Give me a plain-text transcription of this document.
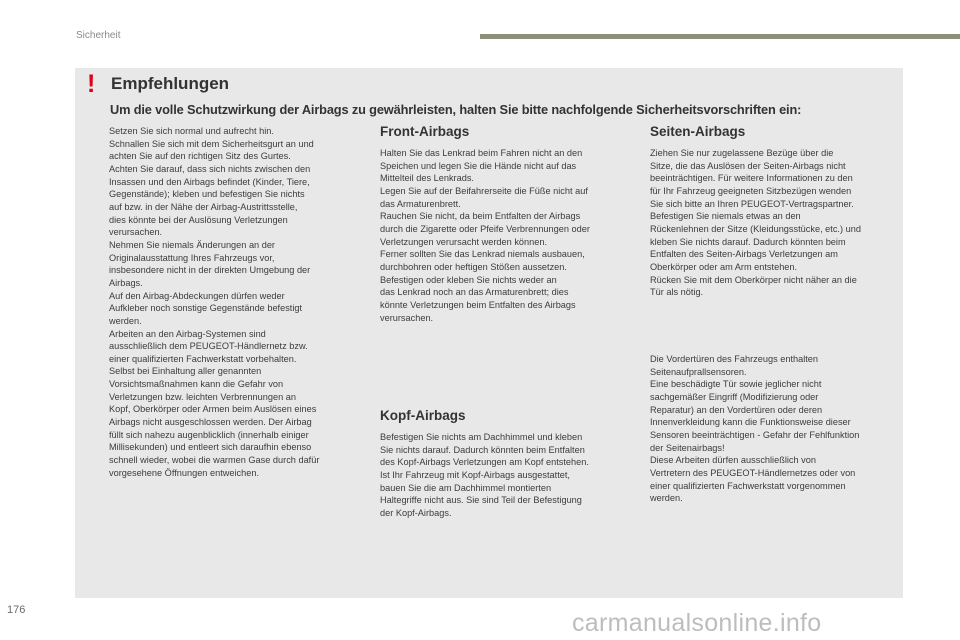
Sicherheit
! Empfehlungen
Um die volle Schutzwirkung der Airbags zu gewährleisten, halten Sie bitte nachfolgende Sicherheitsvorschriften ein:

Setzen Sie sich normal und aufrecht hin.

Schnallen Sie sich mit dem Sicherheitsgurt an und

achten Sie auf den richtigen Sitz des Gurtes.

Achten Sie darauf, dass sich nichts zwischen den

Insassen und den Airbags befindet (Kinder, Tiere,

Gegenstände); kleben und befestigen Sie nichts

auf bzw. in der Nähe der Airbag-Austrittsstelle,

dies könnte bei der Auslösung Verletzungen

verursachen.

Nehmen Sie niemals Änderungen an der

Originalausstattung Ihres Fahrzeugs vor,

insbesondere nicht in der direkten Umgebung der

Airbags.

Auf den Airbag-Abdeckungen dürfen weder

Aufkleber noch sonstige Gegenstände befestigt

werden.

Arbeiten an den Airbag-Systemen sind

ausschließlich dem PEUGEOT-Händlernetz bzw.

einer qualifizierten Fachwerkstatt vorbehalten.

Selbst bei Einhaltung aller genannten

Vorsichtsmaßnahmen kann die Gefahr von

Verletzungen bzw. leichten Verbrennungen an

Kopf, Oberkörper oder Armen beim Auslösen eines

Airbags nicht ausgeschlossen werden. Der Airbag

füllt sich nahezu augenblicklich (innerhalb einiger

Millisekunden) und entleert sich daraufhin ebenso

schnell wieder, wobei die warmen Gase durch dafür

vorgesehene Öffnungen entweichen.

Front-Airbags

Halten Sie das Lenkrad beim Fahren nicht an den

Speichen und legen Sie die Hände nicht auf das

Mittelteil des Lenkrads.

Legen Sie auf der Beifahrerseite die Füße nicht auf

das Armaturenbrett.

Rauchen Sie nicht, da beim Entfalten der Airbags

durch die Zigarette oder Pfeife Verbrennungen oder

Verletzungen verursacht werden können.

Ferner sollten Sie das Lenkrad niemals ausbauen,

durchbohren oder heftigen Stößen aussetzen.

Befestigen oder kleben Sie nichts weder an

das Lenkrad noch an das Armaturenbrett; dies

könnte Verletzungen beim Entfalten des Airbags

verursachen.

Kopf-Airbags

Befestigen Sie nichts am Dachhimmel und kleben

Sie nichts darauf. Dadurch könnten beim Entfalten

des Kopf-Airbags Verletzungen am Kopf entstehen.

Ist Ihr Fahrzeug mit Kopf-Airbags ausgestattet,

bauen Sie die am Dachhimmel montierten

Haltegriffe nicht aus. Sie sind Teil der Befestigung

der Kopf-Airbags.

Seiten-Airbags

Ziehen Sie nur zugelassene Bezüge über die

Sitze, die das Auslösen der Seiten-Airbags nicht

beeinträchtigen. Für weitere Informationen zu den

für Ihr Fahrzeug geeigneten Sitzbezügen wenden

Sie sich bitte an Ihren PEUGEOT-Vertragspartner.

Befestigen Sie niemals etwas an den

Rückenlehnen der Sitze (Kleidungsstücke, etc.) und

kleben Sie nichts darauf. Dadurch könnten beim

Entfalten des Seiten-Airbags Verletzungen am

Oberkörper oder am Arm entstehen.

Rücken Sie mit dem Oberkörper nicht näher an die

Tür als nötig.

Die Vordertüren des Fahrzeugs enthalten

Seitenaufprallsensoren.

Eine beschädigte Tür sowie jeglicher nicht

sachgemäßer Eingriff (Modifizierung oder

Reparatur) an den Vordertüren oder deren

Innenverkleidung kann die Funktionsweise dieser

Sensoren beeinträchtigen - Gefahr der Fehlfunktion

der Seitenairbags!

Diese Arbeiten dürfen ausschließlich von

Vertretern des PEUGEOT-Händlernetzes oder von

einer qualifizierten Fachwerkstatt vorgenommen

werden.

176	carmanualsonline.info
